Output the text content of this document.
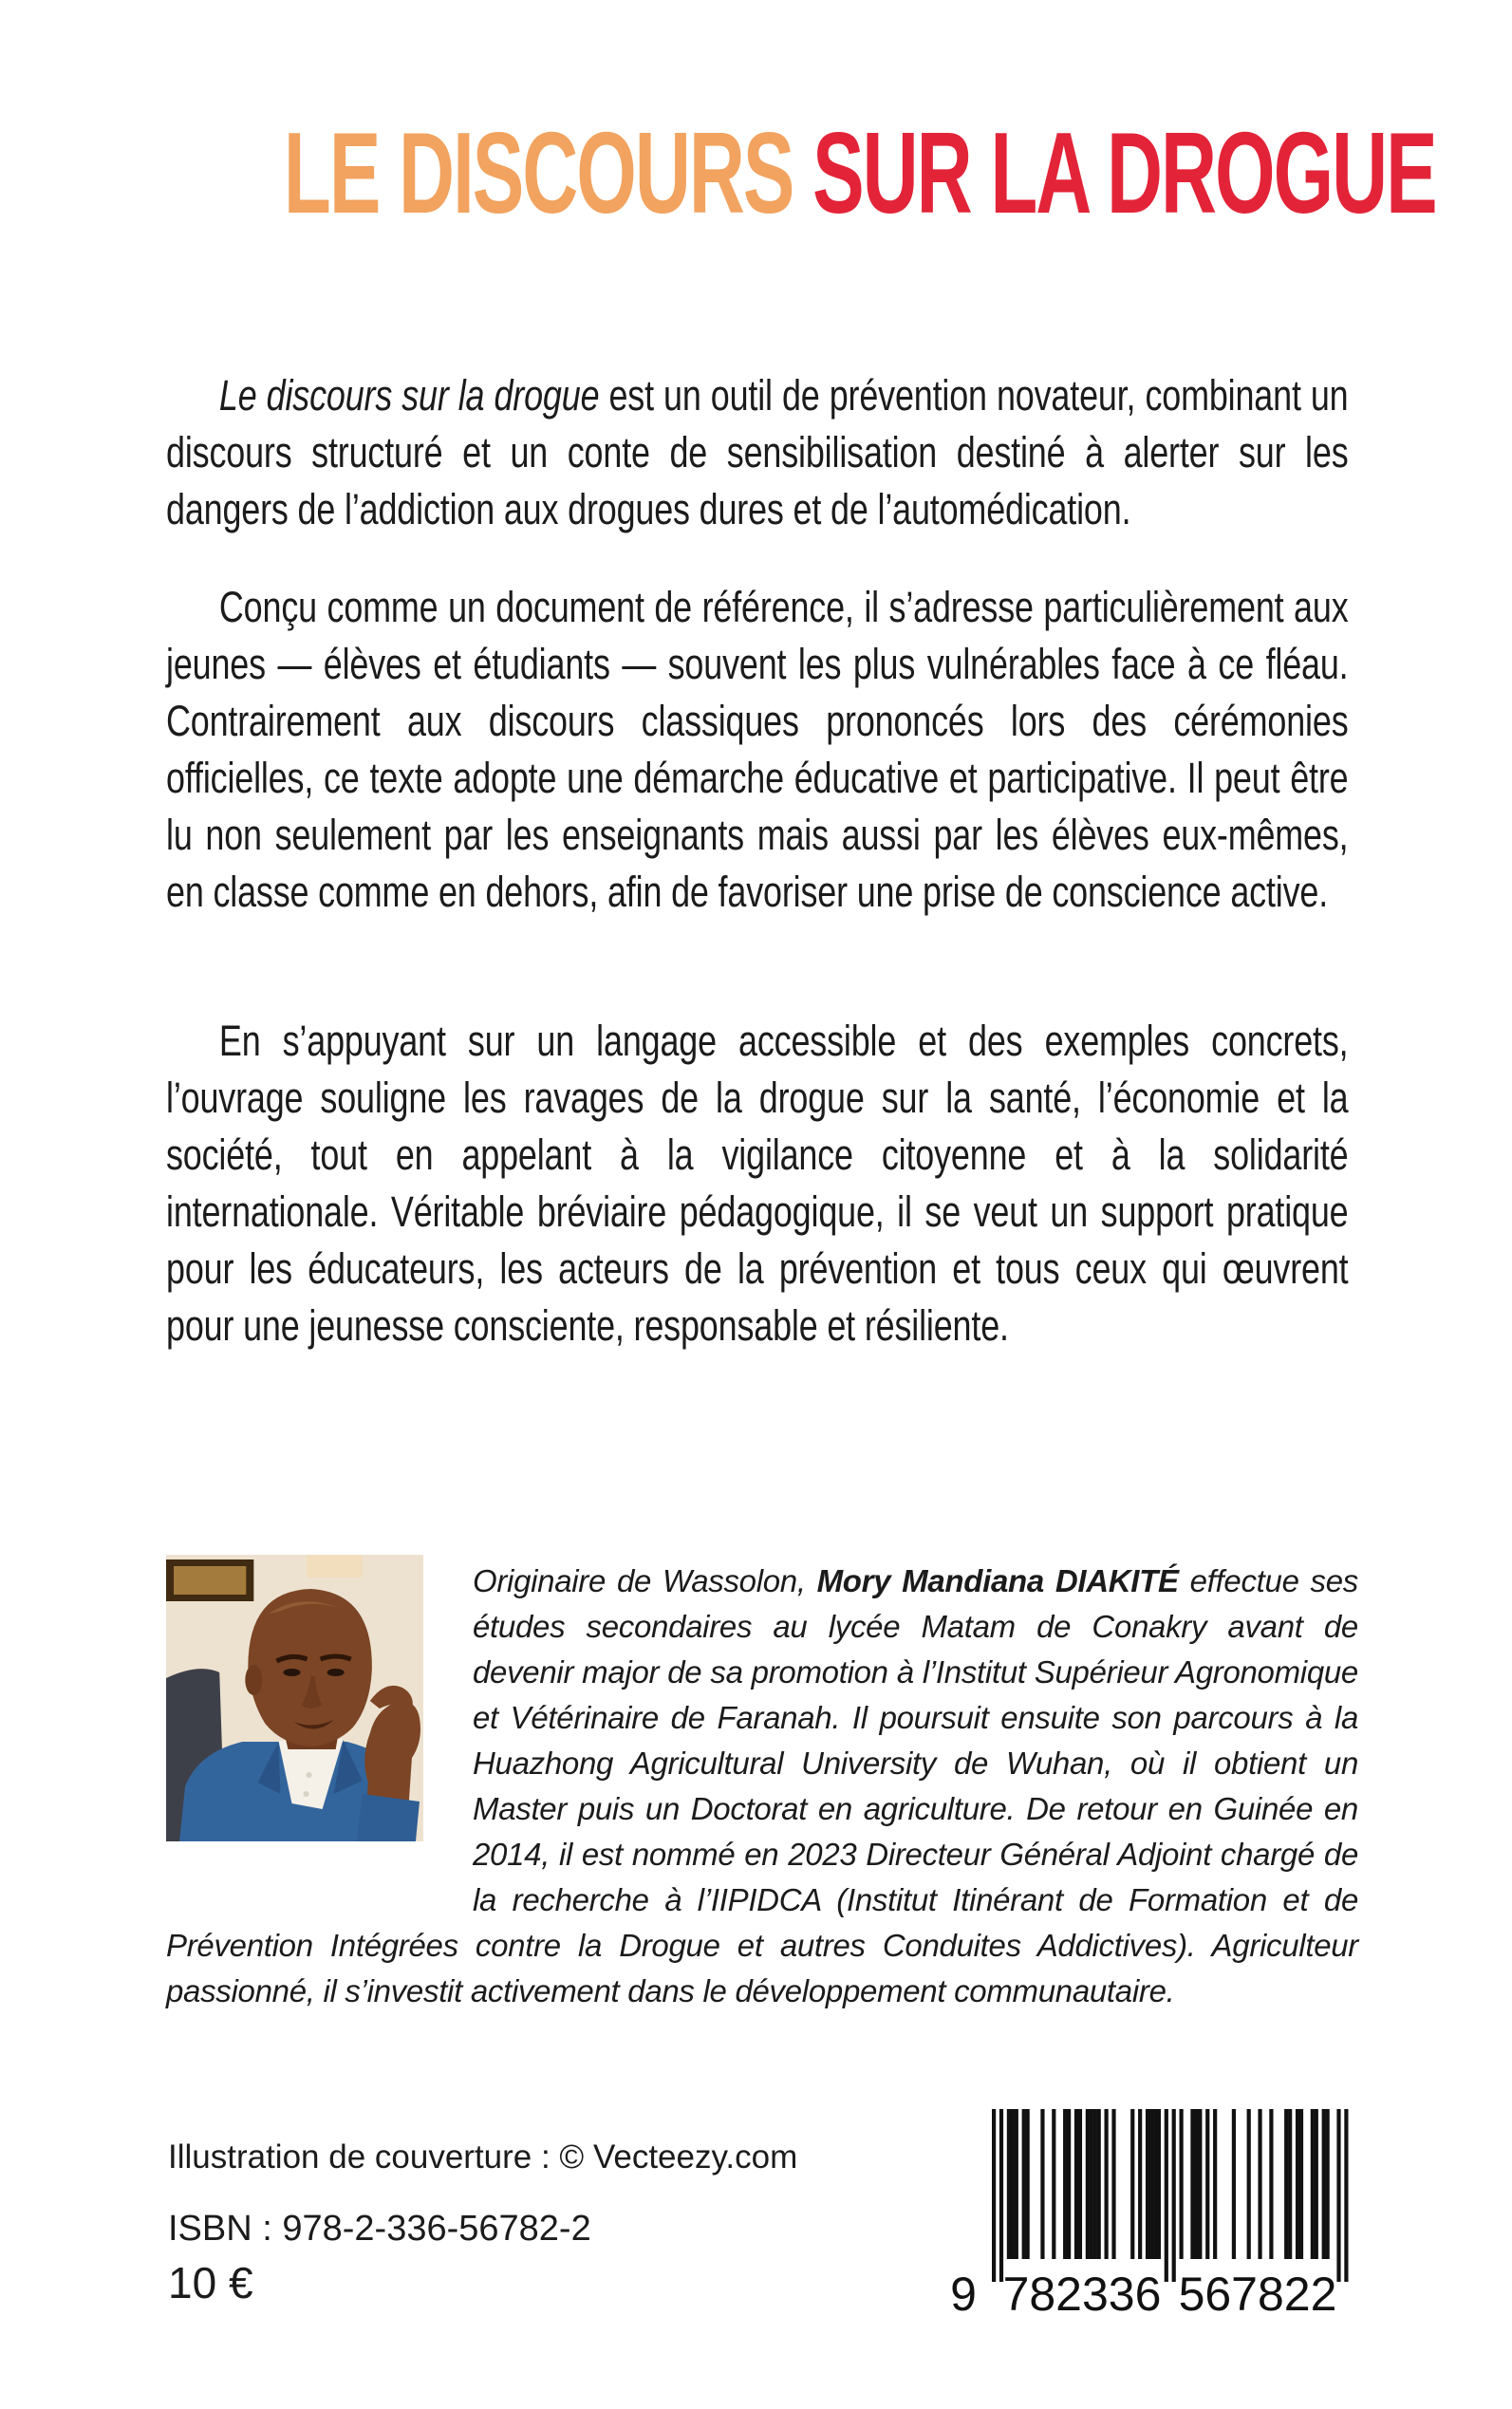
LE DISCOURS SUR LA DROGUE

Le discours sur la drogue est un outil de prévention novateur, combinant un discours structuré et un conte de sensibilisation destiné à alerter sur les dangers de l’addiction aux drogues dures et de l’automédication.

Conçu comme un document de référence, il s’adresse particulièrement aux jeunes — élèves et étudiants — souvent les plus vulnérables face à ce fléau. Contrairement aux discours classiques prononcés lors des cérémonies officielles, ce texte adopte une démarche éducative et participative. Il peut être lu non seulement par les enseignants mais aussi par les élèves eux-mêmes, en classe comme en dehors, afin de favoriser une prise de conscience active.

En s’appuyant sur un langage accessible et des exemples concrets, l’ouvrage souligne les ravages de la drogue sur la santé, l’économie et la société, tout en appelant à la vigilance citoyenne et à la solidarité internationale. Véritable bréviaire pédagogique, il se veut un support pratique pour les éducateurs, les acteurs de la prévention et tous ceux qui œuvrent pour une jeunesse consciente, responsable et résiliente.

Originaire de Wassolon, Mory Mandiana DIAKITÉ effectue ses études secondaires au lycée Matam de Conakry avant de devenir major de sa promotion à l’Institut Supérieur Agronomique et Vétérinaire de Faranah. Il poursuit ensuite son parcours à la Huazhong Agricultural University de Wuhan, où il obtient un Master puis un Doctorat en agriculture. De retour en Guinée en 2014, il est nommé en 2023 Directeur Général Adjoint chargé de la recherche à l’IIPIDCA (Institut Itinérant de Formation et de Prévention Intégrées contre la Drogue et autres Conduites Addictives). Agriculteur passionné, il s’investit activement dans le développement communautaire.

Illustration de couverture : © Vecteezy.com
ISBN : 978-2-336-56782-2
10 €	9 782336 567822
